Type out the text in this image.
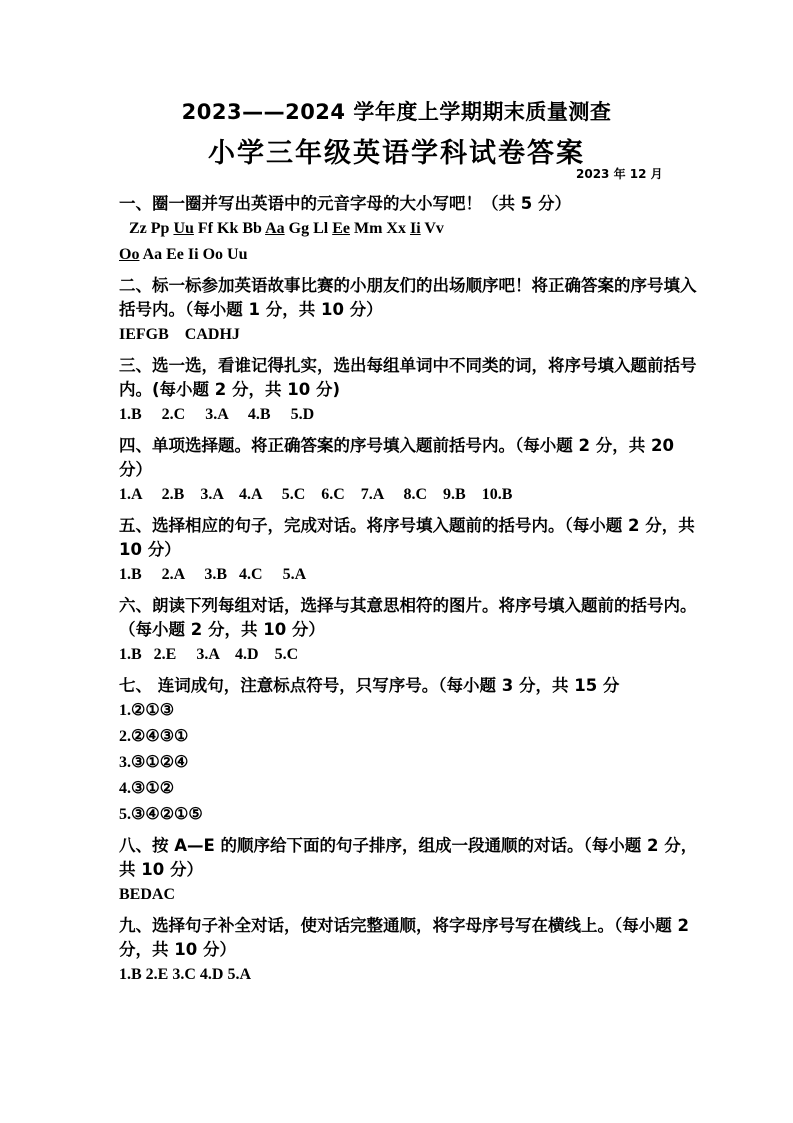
2023——2024 学年度上学期期末质量测查
小学三年级英语学科试卷答案
2023 年 12 月
一、圈一圈并写出英语中的元音字母的大小写吧！（共 5 分）
Zz Pp Uu Ff Kk Bb Aa Gg Ll Ee Mm Xx Ii Vv
Oo Aa Ee Ii Oo Uu
二、标一标参加英语故事比赛的小朋友们的出场顺序吧！将正确答案的序号填入括号内。（每小题 1 分，共 10 分）
IEFGB    CADHJ
三、选一选，看谁记得扎实，选出每组单词中不同类的词，将序号填入题前括号内。(每小题 2 分，共 10 分)
1.B     2.C     3.A     4.B     5.D
四、单项选择题。将正确答案的序号填入题前括号内。（每小题 2 分，共 20 分）
1.A     2.B    3.A    4.A     5.C    6.C    7.A     8.C    9.B    10.B
五、选择相应的句子，完成对话。将序号填入题前的括号内。（每小题 2 分，共 10 分）
1.B     2.A     3.B   4.C     5.A
六、朗读下列每组对话，选择与其意思相符的图片。将序号填入题前的括号内。（每小题 2 分，共 10 分）
1.B   2.E     3.A    4.D    5.C
七、 连词成句，注意标点符号，只写序号。（每小题 3 分，共 15 分
1.②①③
2.②④③①
3.③①②④
4.③①②
5.③④②①⑤
八、按 A—E 的顺序给下面的句子排序，组成一段通顺的对话。（每小题 2 分，共 10 分）
BEDAC
九、选择句子补全对话，使对话完整通顺，将字母序号写在横线上。（每小题 2 分，共 10 分）
1.B 2.E 3.C 4.D 5.A
